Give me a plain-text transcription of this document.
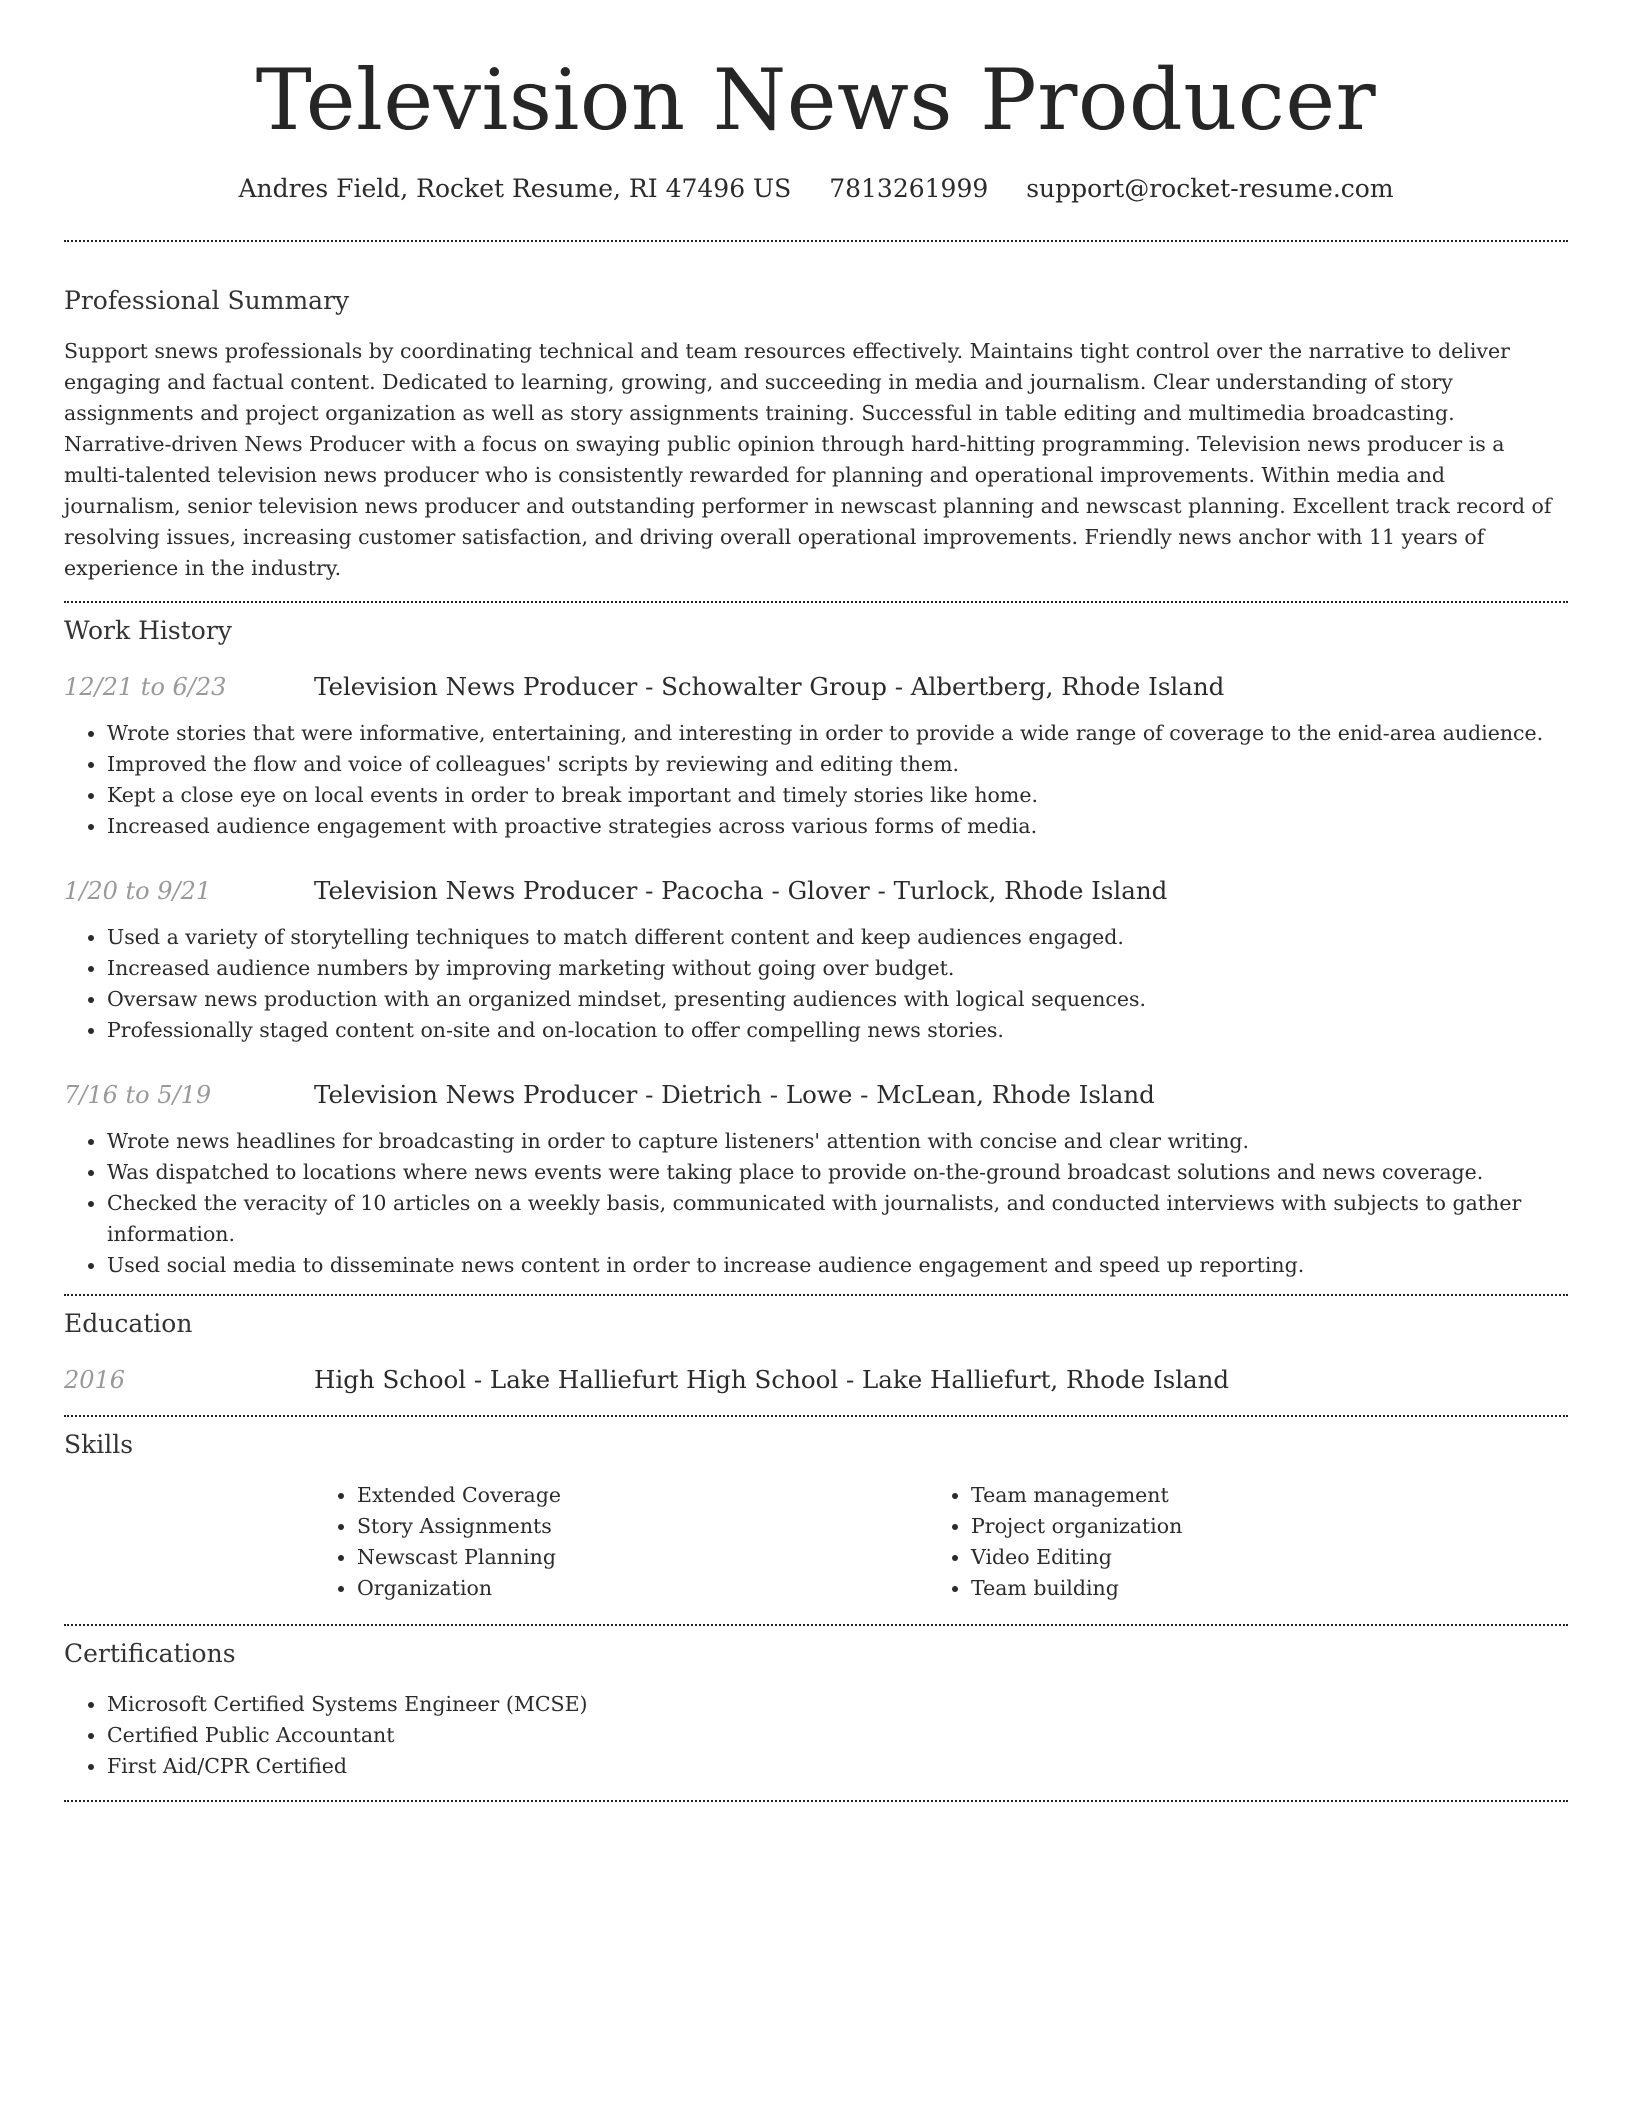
Television News Producer
Andres Field, Rocket Resume, RI 47496 US 7813261999 support@rocket-resume.com
Professional Summary

Support snews professionals by coordinating technical and team resources effectively. Maintains tight control over the narrative to deliver engaging and factual content. Dedicated to learning, growing, and succeeding in media and journalism. Clear understanding of story assignments and project organization as well as story assignments training. Successful in table editing and multimedia broadcasting. Narrative-driven News Producer with a focus on swaying public opinion through hard-hitting programming. Television news producer is a multi-talented television news producer who is consistently rewarded for planning and operational improvements. Within media and journalism, senior television news producer and outstanding performer in newscast planning and newscast planning. Excellent track record of resolving issues, increasing customer satisfaction, and driving overall operational improvements. Friendly news anchor with 11 years of experience in the industry.

Work History
12/21 to 6/23	Television News Producer - Schowalter Group - Albertberg, Rhode Island
• Wrote stories that were informative, entertaining, and interesting in order to provide a wide range of coverage to the enid-area audience.
• Improved the flow and voice of colleagues' scripts by reviewing and editing them.
• Kept a close eye on local events in order to break important and timely stories like home.
• Increased audience engagement with proactive strategies across various forms of media.
1/20 to 9/21	Television News Producer - Pacocha - Glover - Turlock, Rhode Island
• Used a variety of storytelling techniques to match different content and keep audiences engaged.
• Increased audience numbers by improving marketing without going over budget.
• Oversaw news production with an organized mindset, presenting audiences with logical sequences.
• Professionally staged content on-site and on-location to offer compelling news stories.
7/16 to 5/19	Television News Producer - Dietrich - Lowe - McLean, Rhode Island
• Wrote news headlines for broadcasting in order to capture listeners' attention with concise and clear writing.
• Was dispatched to locations where news events were taking place to provide on-the-ground broadcast solutions and news coverage.
• Checked the veracity of 10 articles on a weekly basis, communicated with journalists, and conducted interviews with subjects to gather information.
• Used social media to disseminate news content in order to increase audience engagement and speed up reporting.
Education
2016	High School - Lake Halliefurt High School - Lake Halliefurt, Rhode Island
Skills
• Extended Coverage
• Story Assignments
• Newscast Planning
• Organization
• Team management
• Project organization
• Video Editing
• Team building
Certifications
• Microsoft Certified Systems Engineer (MCSE)
• Certified Public Accountant
• First Aid/CPR Certified
